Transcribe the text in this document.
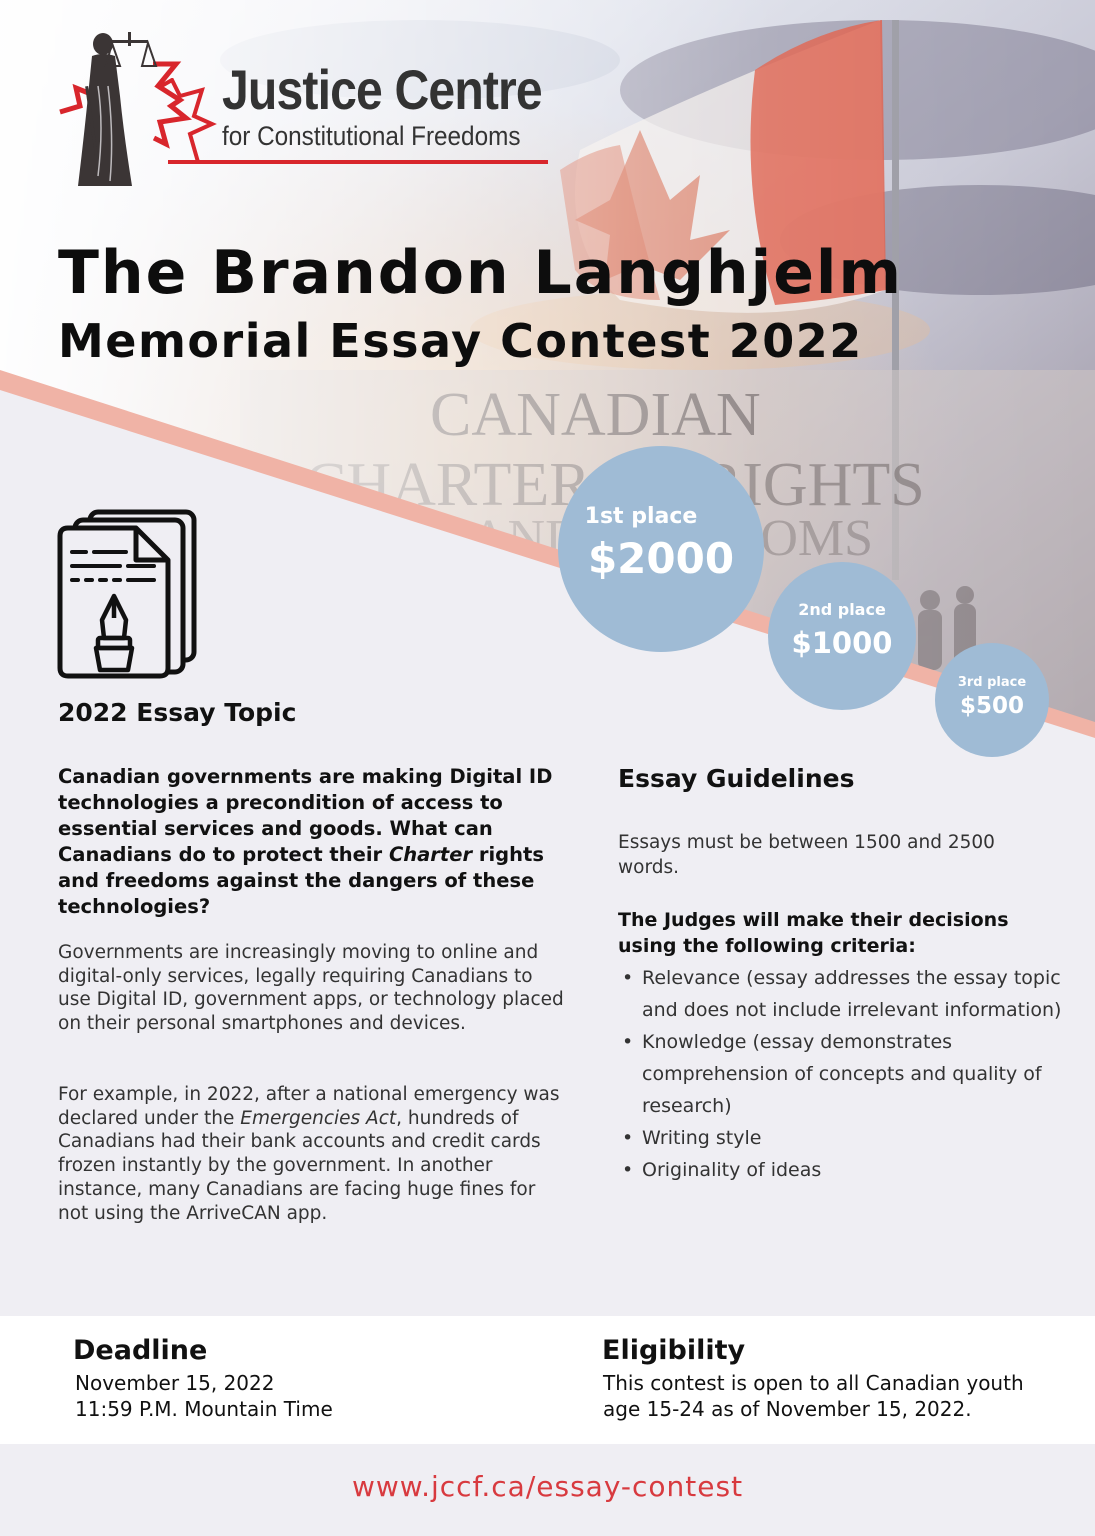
Justice Centre
for Constitutional Freedoms
The Brandon Langhjelm
Memorial Essay Contest 2022
1st place
$2000
2nd place
$1000
3rd place
$500
2022 Essay Topic
Canadian governments are making Digital ID technologies a precondition of access to essential services and goods. What can Canadians do to protect their Charter rights and freedoms against the dangers of these technologies?
Governments are increasingly moving to online and digital-only services, legally requiring Canadians to use Digital ID, government apps, or technology placed on their personal smartphones and devices.
For example, in 2022, after a national emergency was declared under the Emergencies Act, hundreds of Canadians had their bank accounts and credit cards frozen instantly by the government. In another instance, many Canadians are facing huge fines for not using the ArriveCAN app.
Essay Guidelines
Essays must be between 1500 and 2500 words.
The Judges will make their decisions using the following criteria:
• Relevance (essay addresses the essay topic and does not include irrelevant information)
• Knowledge (essay demonstrates comprehension of concepts and quality of research)
• Writing style
• Originality of ideas
Deadline
November 15, 2022
11:59 P.M. Mountain Time
Eligibility
This contest is open to all Canadian youth age 15-24 as of November 15, 2022.
www.jccf.ca/essay-contest
